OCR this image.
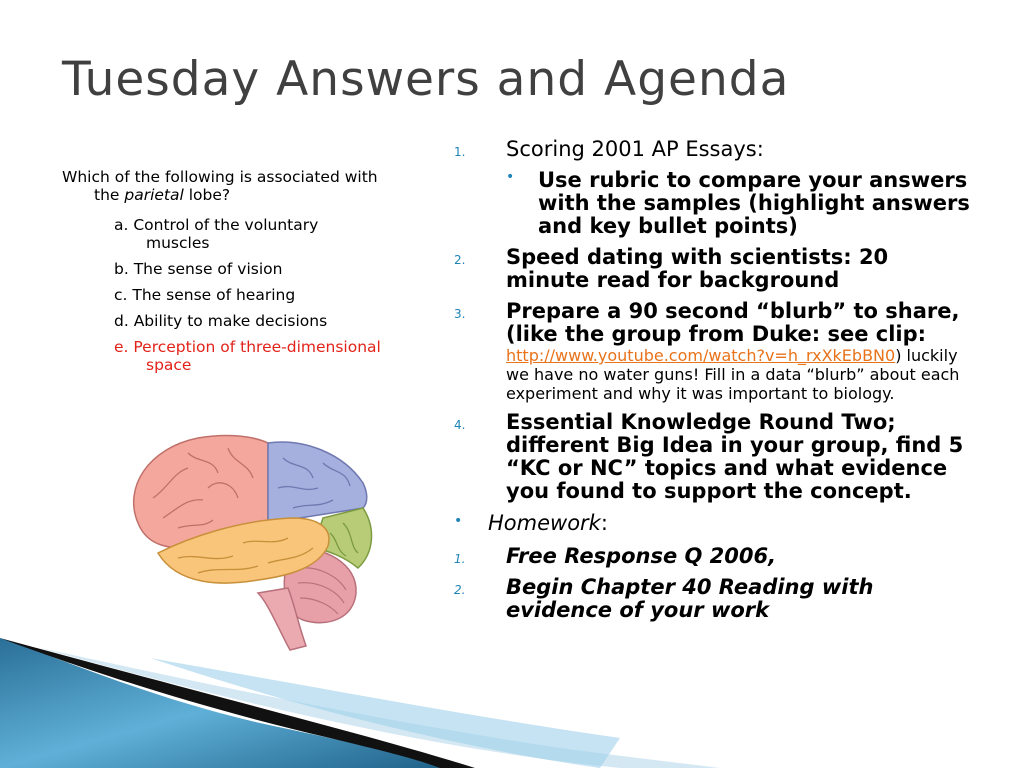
Tuesday Answers and Agenda
Which of the following is associated with the parietal lobe?
a. Control of the voluntary muscles
b. The sense of vision
c. The sense of hearing
d. Ability to make decisions
e. Perception of three-dimensional space
1. Scoring 2001 AP Essays:
• Use rubric to compare your answers with the samples (highlight answers and key bullet points)
2. Speed dating with scientists: 20 minute read for background
3. Prepare a 90 second “blurb” to share, (like the group from Duke: see clip:
http://www.youtube.com/watch?v=h_rxXkEbBN0) luckily we have no water guns! Fill in a data “blurb” about each experiment and why it was important to biology.
4. Essential Knowledge Round Two; different Big Idea in your group, find 5 “KC or NC” topics and what evidence you found to support the concept.
• Homework:
1. Free Response Q 2006,
2. Begin Chapter 40 Reading with evidence of your work
